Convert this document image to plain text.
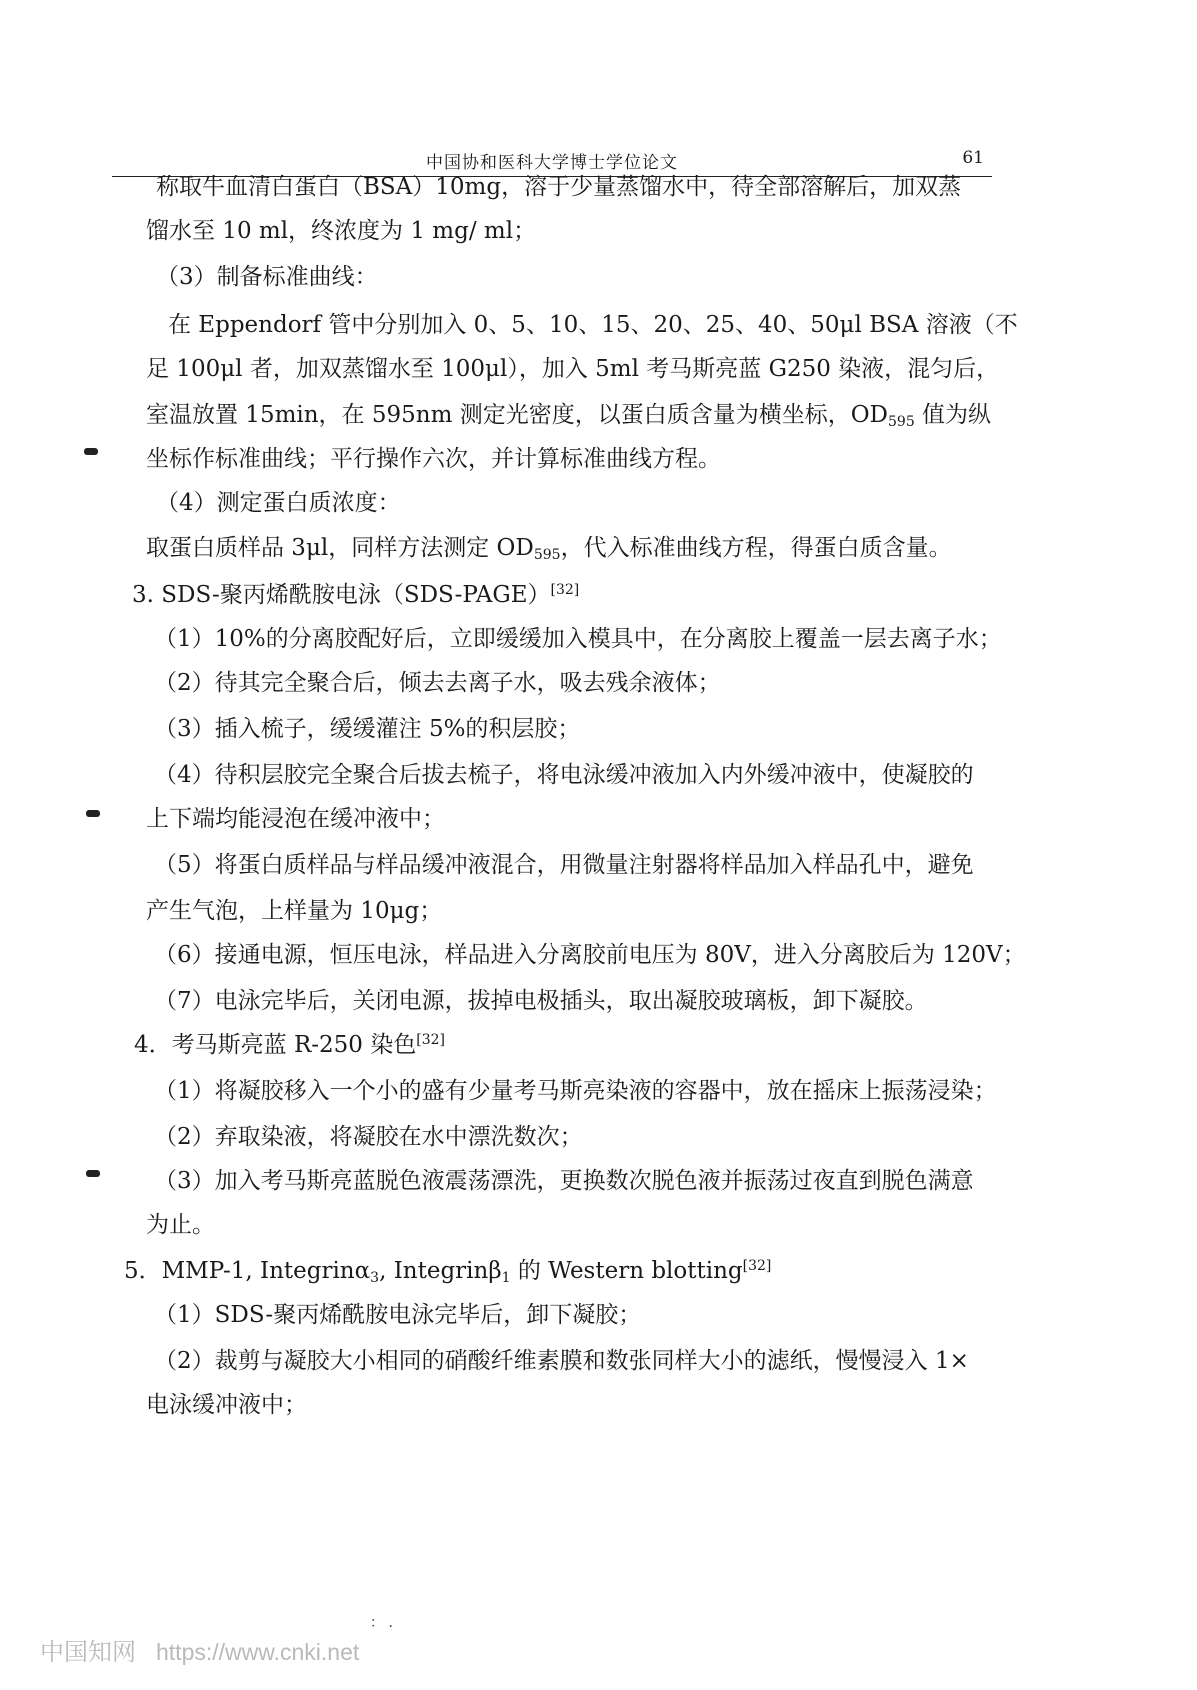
中国协和医科大学博士学位论文	61
称取牛血清白蛋白（BSA）10mg，溶于少量蒸馏水中，待全部溶解后，加双蒸
馏水至 10 ml，终浓度为 1 mg/ ml；
（3）制备标准曲线：
在 Eppendorf 管中分别加入 0、5、10、15、20、25、40、50μl BSA 溶液（不
足 100μl 者，加双蒸馏水至 100μl），加入 5ml 考马斯亮蓝 G250 染液，混匀后，
室温放置 15min，在 595nm 测定光密度，以蛋白质含量为横坐标，$OD_{595}$ 值为纵
坐标作标准曲线；平行操作六次，并计算标准曲线方程。
（4）测定蛋白质浓度：
取蛋白质样品 3μl，同样方法测定 $OD_{595}$，代入标准曲线方程，得蛋白质含量。
3. SDS-聚丙烯酰胺电泳（SDS-PAGE）[32]
（1）10%的分离胶配好后，立即缓缓加入模具中，在分离胶上覆盖一层去离子水；
（2）待其完全聚合后，倾去去离子水，吸去残余液体；
（3）插入梳子，缓缓灌注 5%的积层胶；
（4）待积层胶完全聚合后拔去梳子，将电泳缓冲液加入内外缓冲液中，使凝胶的
上下端均能浸泡在缓冲液中；
（5）将蛋白质样品与样品缓冲液混合，用微量注射器将样品加入样品孔中，避免
产生气泡，上样量为 10μg；
（6）接通电源，恒压电泳，样品进入分离胶前电压为 80V，进入分离胶后为 120V；
（7）电泳完毕后，关闭电源，拔掉电极插头，取出凝胶玻璃板，卸下凝胶。
4．考马斯亮蓝 R-250 染色[32]
（1）将凝胶移入一个小的盛有少量考马斯亮染液的容器中，放在摇床上振荡浸染；
（2）弃取染液，将凝胶在水中漂洗数次；
（3）加入考马斯亮蓝脱色液震荡漂洗，更换数次脱色液并振荡过夜直到脱色满意
为止。
5．MMP-1, Integrinα$_3$, Integrinβ$_1$ 的 Western blotting[32]
（1）SDS-聚丙烯酰胺电泳完毕后，卸下凝胶；
（2）裁剪与凝胶大小相同的硝酸纤维素膜和数张同样大小的滤纸，慢慢浸入 1×
电泳缓冲液中；
： .
中国知网 https://www.cnki.net
